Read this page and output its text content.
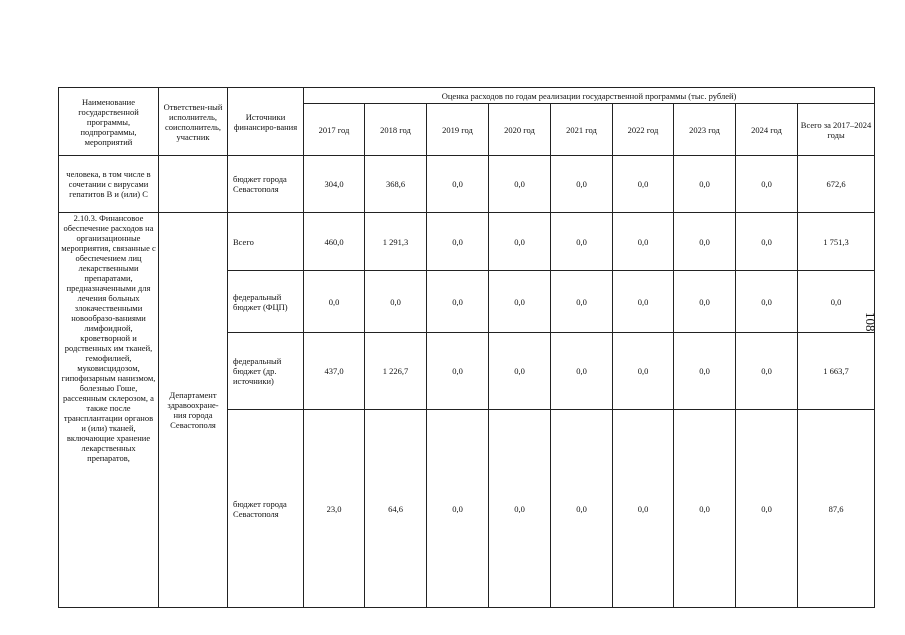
Наименование государственной программы, подпрограммы, мероприятий	Ответствен-ный исполнитель, соисполнитель, участник	Источники финансиро-вания	Оценка расходов по годам реализации государственной программы (тыс. рублей)								
			2017 год	2018 год	2019 год	2020 год	2021 год	2022 год	2023 год	2024 год	Всего за 2017–2024 годы
человека, в том числе в сочетании с вирусами гепатитов B и (или) C		бюджет города Севастополя	304,0	368,6	0,0	0,0	0,0	0,0	0,0	0,0	672,6
2.10.3. Финансовое обеспечение расходов на организационные мероприятия, связанные с обеспечением лиц лекарственными препаратами, предназначенными для лечения больных злокачественными новообразо-ваниями лимфоидной, кроветворной и родственных им тканей, гемофилией, муковисцидозом, гипофизарным нанизмом, болезнью Гоше, рассеянным склерозом, а также после трансплантации органов и (или) тканей, включающие хранение лекарственных препаратов,	Департамент здравоохране-ния города Севастополя	Всего	460,0	1 291,3	0,0	0,0	0,0	0,0	0,0	0,0	1 751,3
		федеральный бюджет (ФЦП)	0,0	0,0	0,0	0,0	0,0	0,0	0,0	0,0	0,0
		федеральный бюджет (др. источники)	437,0	1 226,7	0,0	0,0	0,0	0,0	0,0	0,0	1 663,7
		бюджет города Севастополя	23,0	64,6	0,0	0,0	0,0	0,0	0,0	0,0	87,6
108
